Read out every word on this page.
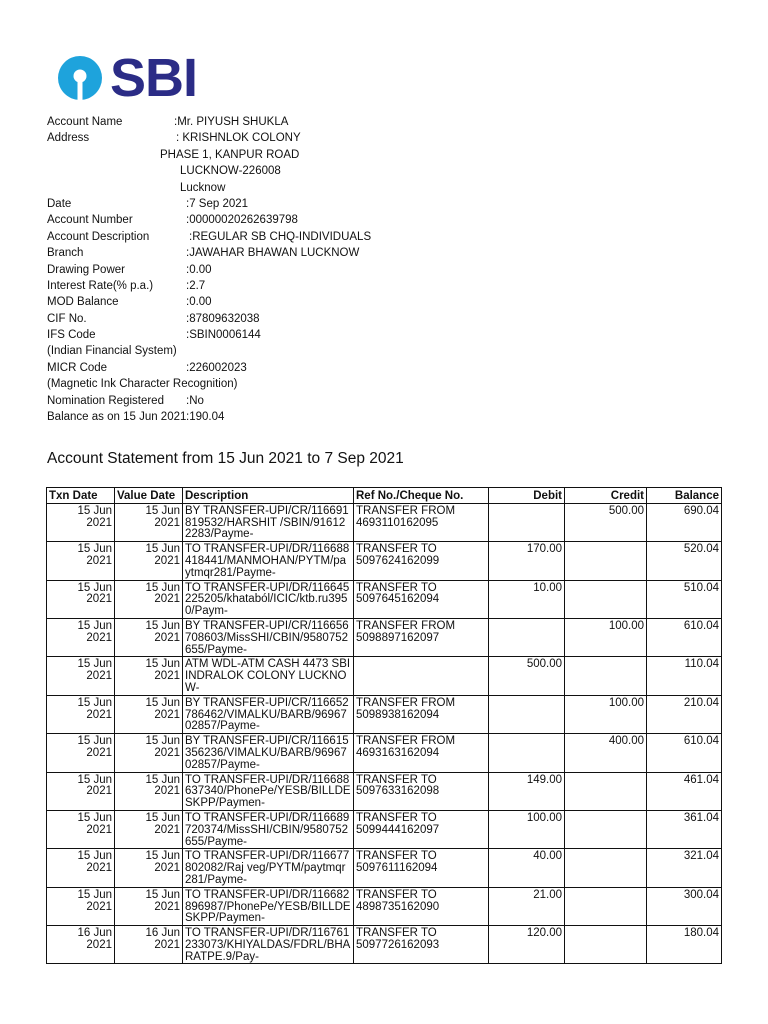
SBI
Account Name	:Mr. PIYUSH SHUKLA
Address	: KRISHNLOK COLONY
PHASE 1, KANPUR ROAD
LUCKNOW-226008
Lucknow
Date	:7 Sep 2021
Account Number	:00000020262639798
Account Description	:REGULAR SB CHQ-INDIVIDUALS
Branch	:JAWAHAR BHAWAN LUCKNOW
Drawing Power	:0.00
Interest Rate(% p.a.)	:2.7
MOD Balance	:0.00
CIF No.	:87809632038
IFS Code	:SBIN0006144
(Indian Financial System)
MICR Code	:226002023
(Magnetic Ink Character Recognition)
Nomination Registered :No
Balance as on 15 Jun 2021 :190.04
Account Statement from 15 Jun 2021 to 7 Sep 2021
Txn Date	Value Date	Description	Ref No./Cheque No.	Debit	Credit	Balance
15 Jun 2021	15 Jun 2021	BY TRANSFER-UPI/CR/116691819532/HARSHIT /SBIN/916122283/Payme-	TRANSFER FROM 4693110162095		500.00	690.04
15 Jun 2021	15 Jun 2021	TO TRANSFER-UPI/DR/116688418441/MANMOHAN/PYTM/paytmqr281/Payme-	TRANSFER TO 5097624162099	170.00		520.04
15 Jun 2021	15 Jun 2021	TO TRANSFER-UPI/DR/116645225205/khataból/ICIC/ktb.ru3950/Paym-	TRANSFER TO 5097645162094	10.00		510.04
15 Jun 2021	15 Jun 2021	BY TRANSFER-UPI/CR/116656708603/MissSHI/CBIN/9580752655/Payme-	TRANSFER FROM 5098897162097		100.00	610.04
15 Jun 2021	15 Jun 2021	ATM WDL-ATM CASH 4473 SBI INDRALOK COLONY LUCKNOW-		500.00		110.04
15 Jun 2021	15 Jun 2021	BY TRANSFER-UPI/CR/116652786462/VIMALKU/BARB/9696702857/Payme-	TRANSFER FROM 5098938162094		100.00	210.04
15 Jun 2021	15 Jun 2021	BY TRANSFER-UPI/CR/116615356236/VIMALKU/BARB/9696702857/Payme-	TRANSFER FROM 4693163162094		400.00	610.04
15 Jun 2021	15 Jun 2021	TO TRANSFER-UPI/DR/116688637340/PhonePe/YESB/BILLDESKPP/Paymen-	TRANSFER TO 5097633162098	149.00		461.04
15 Jun 2021	15 Jun 2021	TO TRANSFER-UPI/DR/116689720374/MissSHI/CBIN/9580752655/Payme-	TRANSFER TO 5099444162097	100.00		361.04
15 Jun 2021	15 Jun 2021	TO TRANSFER-UPI/DR/116677802082/Raj veg/PYTM/paytmqr281/Payme-	TRANSFER TO 5097611162094	40.00		321.04
15 Jun 2021	15 Jun 2021	TO TRANSFER-UPI/DR/116682896987/PhonePe/YESB/BILLDESKPP/Paymen-	TRANSFER TO 4898735162090	21.00		300.04
16 Jun 2021	16 Jun 2021	TO TRANSFER-UPI/DR/116761233073/KHIYALDAS/FDRL/BHARATPE.9/Pay-	TRANSFER TO 5097726162093	120.00		180.04
